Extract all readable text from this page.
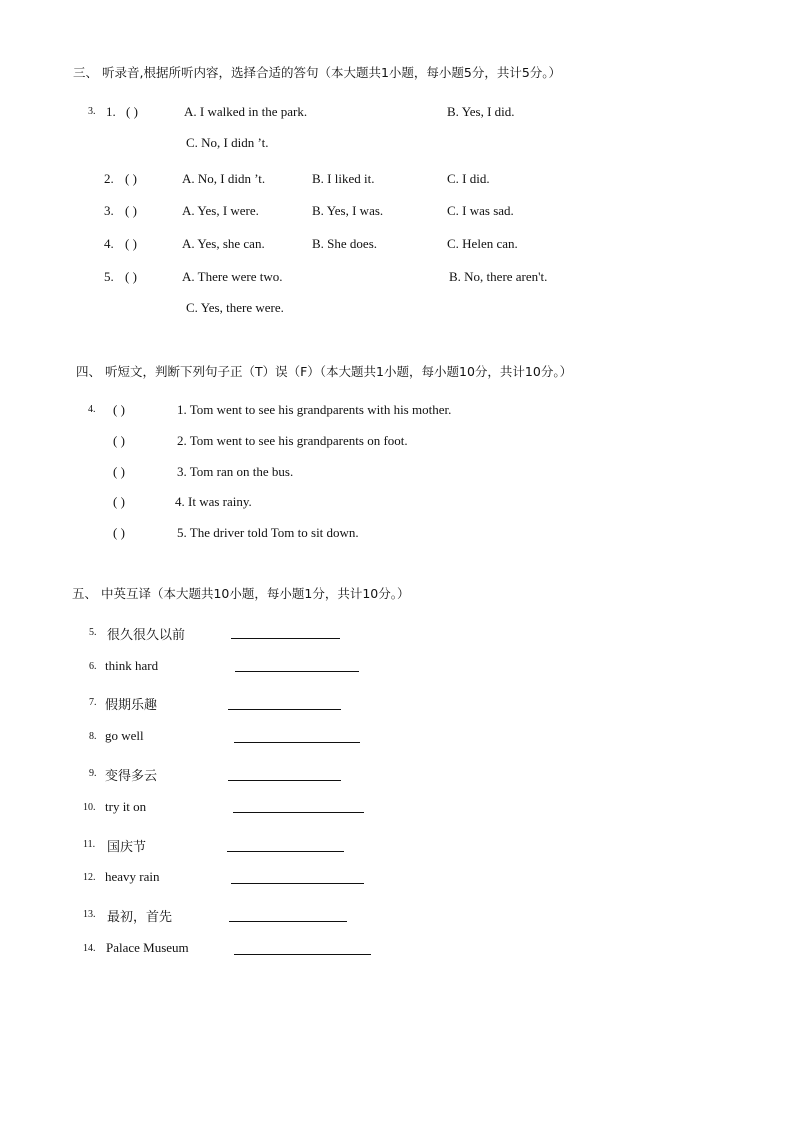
三、 听录音,根据所听内容，选择合适的答句（本大题共1小题，每小题5分，共计5分。）
3. 1. ( )	A. I walked in the park.	B. Yes, I did.
C. No, I didn ’t.
2. ( )	A. No, I didn ’t.	B. I liked it.	C. I did.
3. ( )	A. Yes, I were.	B. Yes, I was.	C. I was sad.
4. ( )	A. Yes, she can.	B. She does.	C. Helen can.
5. ( )	A. There were two.	B. No, there aren't.
C. Yes, there were.
四、 听短文，判断下列句子正（T）误（F）（本大题共1小题，每小题10分，共计10分。）
4. ( )	1. Tom went to see his grandparents with his mother.
( )	2. Tom went to see his grandparents on foot.
( )	3. Tom ran on the bus.
( )	4. It was rainy.
( )	5. The driver told Tom to sit down.
五、 中英互译（本大题共10小题，每小题1分，共计10分。）
5. 很久很久以前
6. think hard
7. 假期乐趣
8. go well
9. 变得多云
10. try it on
11. 国庆节
12. heavy rain
13. 最初，首先
14. Palace Museum
